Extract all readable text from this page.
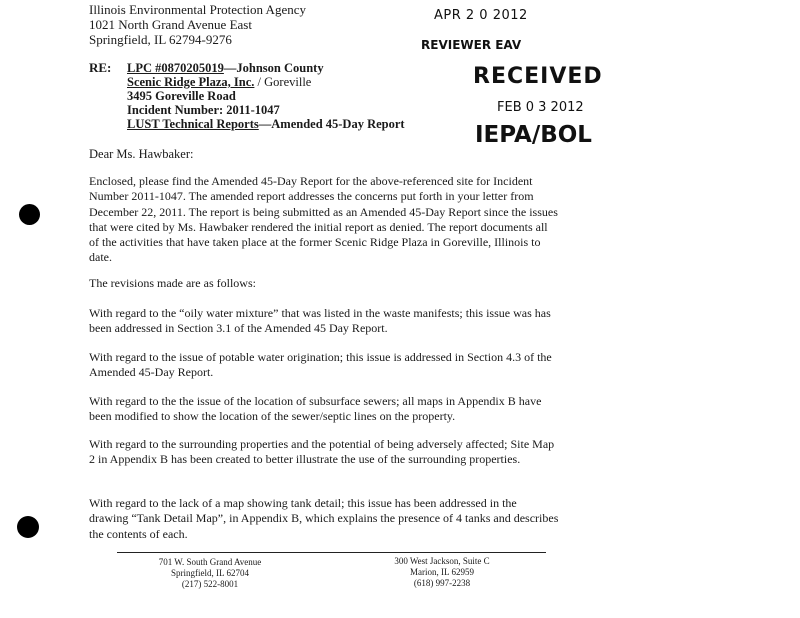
Illinois Environmental Protection Agency
1021 North Grand Avenue East
Springfield, IL 62794-9276
APR 2 0 2012
REVIEWER EAV
RECEIVED
FEB 0 3 2012
IEPA/BOL
RE: LPC #0870205019—Johnson County
Scenic Ridge Plaza, Inc. / Goreville
3495 Goreville Road
Incident Number: 2011-1047
LUST Technical Reports—Amended 45-Day Report
Dear Ms. Hawbaker:

Enclosed, please find the Amended 45-Day Report for the above-referenced site for Incident Number 2011-1047. The amended report addresses the concerns put forth in your letter from December 22, 2011. The report is being submitted as an Amended 45-Day Report since the issues that were cited by Ms. Hawbaker rendered the initial report as denied. The report documents all of the activities that have taken place at the former Scenic Ridge Plaza in Goreville, Illinois to date.

The revisions made are as follows:

With regard to the “oily water mixture” that was listed in the waste manifests; this issue was has been addressed in Section 3.1 of the Amended 45 Day Report.

With regard to the issue of potable water origination; this issue is addressed in Section 4.3 of the Amended 45-Day Report.

With regard to the the issue of the location of subsurface sewers; all maps in Appendix B have been modified to show the location of the sewer/septic lines on the property.

With regard to the surrounding properties and the potential of being adversely affected; Site Map 2 in Appendix B has been created to better illustrate the use of the surrounding properties.

With regard to the lack of a map showing tank detail; this issue has been addressed in the drawing “Tank Detail Map”, in Appendix B, which explains the presence of 4 tanks and describes the contents of each.

701 W. South Grand Avenue
Springfield, IL 62704
(217) 522-8001
300 West Jackson, Suite C
Marion, IL 62959
(618) 997-2238
